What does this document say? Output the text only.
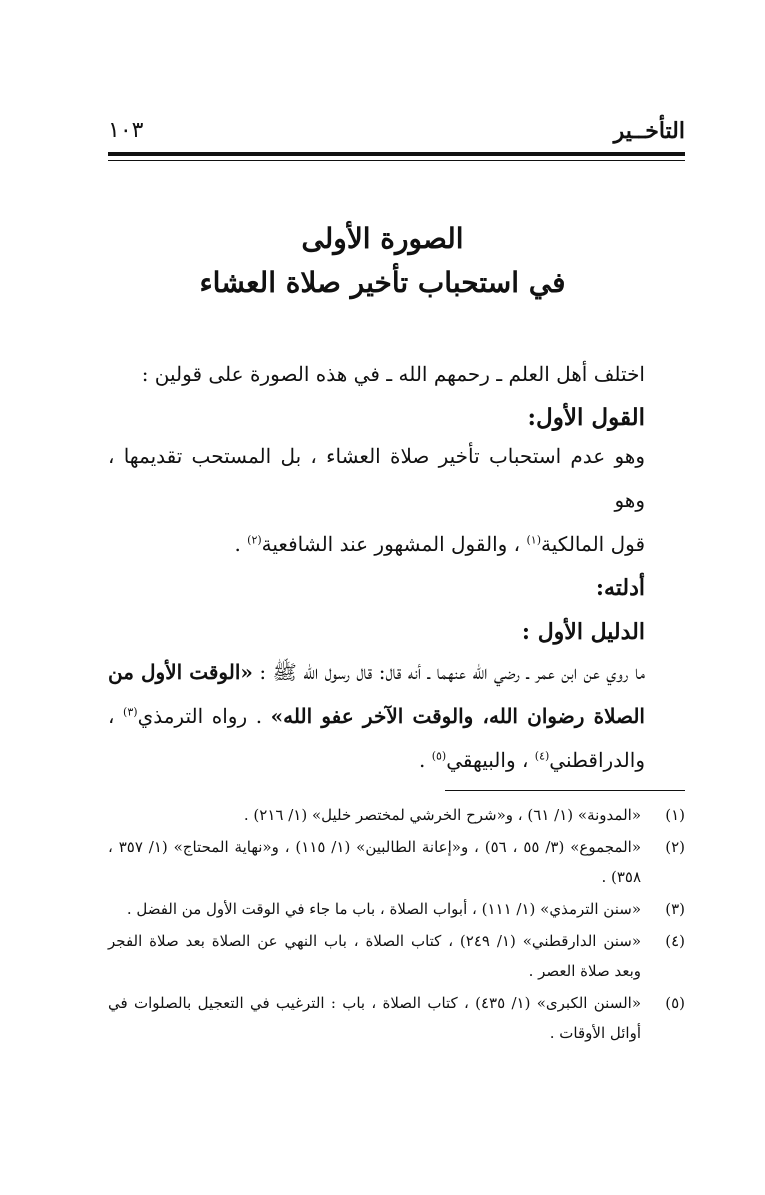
التأخــير
١٠٣
الصورة الأولى
في استحباب تأخير صلاة العشاء

اختلف أهل العلم ـ رحمهم الله ـ في هذه الصورة على قولين :

القول الأول:

وهو عدم استحباب تأخير صلاة العشاء ، بل المستحب تقديمها ، وهو

قول المالكية$^{(١)}$ ، والقول المشهور عند الشافعية$^{(٢)}$ .

أدلته:
الدليل الأول :

ما روي عن ابن عمر ـ رضي الله عنهما ـ أنه قال: قال رسول الله ﷺ : «الوقت الأول من الصلاة رضوان الله، والوقت الآخر عفو الله» . رواه الترمذي$^{(٣)}$ ، والدراقطني$^{(٤)}$ ، والبيهقي$^{(٥)}$ .

(١)
«المدونة» (١/ ٦١) ، و«شرح الخرشي لمختصر خليل» (١/ ٢١٦) .

(٢)
«المجموع» (٣/ ٥٥ ، ٥٦) ، و«إعانة الطالبين» (١/ ١١٥) ، و«نهاية المحتاج» (١/ ٣٥٧ ، ٣٥٨) .

(٣)
«سنن الترمذي» (١/ ١١١) ، أبواب الصلاة ، باب ما جاء في الوقت الأول من الفضل .

(٤)
«سنن الدارقطني» (١/ ٢٤٩) ، كتاب الصلاة ، باب النهي عن الصلاة بعد صلاة الفجر وبعد صلاة العصر .

(٥)
«السنن الكبرى» (١/ ٤٣٥) ، كتاب الصلاة ، باب : الترغيب في التعجيل بالصلوات في أوائل الأوقات .
